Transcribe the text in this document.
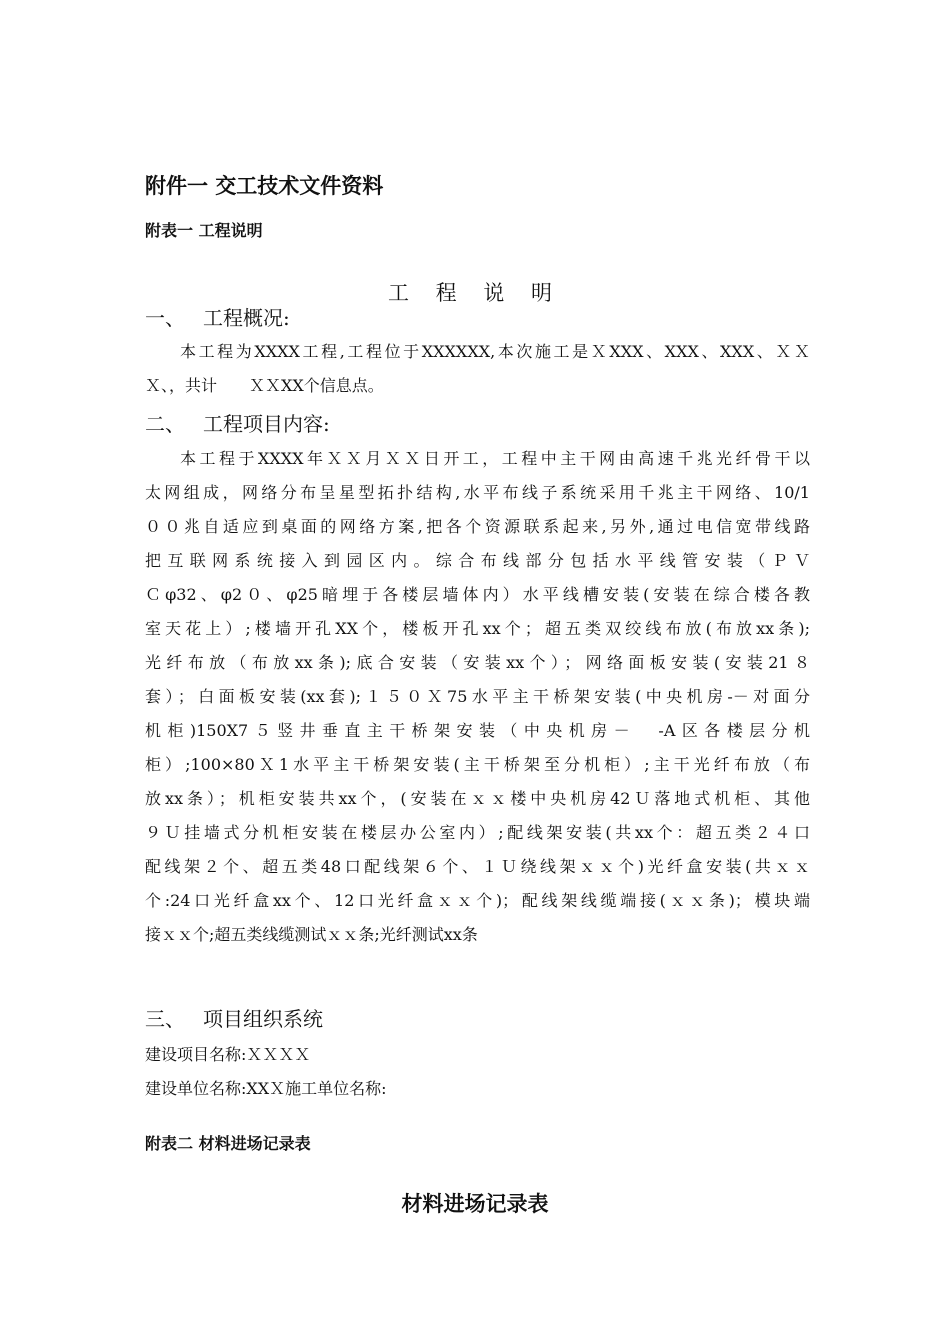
附件一 交工技术文件资料
附表一 工程说明
工 程 说 明
一、 工程概况:
本工程为XXXX工程,工程位于XXXXXX,本次施工是ＸXXX、XXX、XXX、ＸＸ
Ｘ、，共计　　ＸＸXX个信息点。
二、 工程项目内容:
本工程于XXXX年ＸＸ月ＸＸ日开工，工程中主干网由高速千兆光纤骨干以
太网组成，网络分布呈星型拓扑结构,水平布线子系统采用千兆主干网络、10/1
００兆自适应到桌面的网络方案,把各个资源联系起来,另外,通过电信宽带线路
把互联网系统接入到园区内。综合布线部分包括水平线管安装（ＰＶ
Ｃφ32、φ2０、φ25暗埋于各楼层墙体内）水平线槽安装(安装在综合楼各教
室天花上）;楼墙开孔XX个，楼板开孔xx个；超五类双绞线布放(布放xx条);
光纤布放（布放xx条);底合安装（安装xx个）；网络面板安装(安装21８
套）；白面板安装(xx套);１５０Ｘ75水平主干桥架安装(中央机房-－对面分
机柜)150X7５竖井垂直主干桥架安装（中央机房－　-A区各楼层分机
柜）;100×80Ｘ1水平主干桥架安装(主干桥架至分机柜）;主干光纤布放（布
放xx条）；机柜安装共xx个，(安装在ｘｘ楼中央机房42Ｕ落地式机柜、其他
９Ｕ挂墙式分机柜安装在楼层办公室内）;配线架安装(共xx个：超五类２４口
配线架２个、超五类48口配线架６个、１Ｕ绕线架ｘｘ个)光纤盒安装(共ｘｘ
个:24口光纤盒xx个、12口光纤盒ｘｘ个)；配线架线缆端接(ｘｘ条)；模块端
接ｘｘ个;超五类线缆测试ｘｘ条;光纤测试xx条
三、 项目组织系统
建设项目名称:ＸＸＸＸ
建设单位名称:XXＸ施工单位名称:
附表二 材料进场记录表
材料进场记录表
